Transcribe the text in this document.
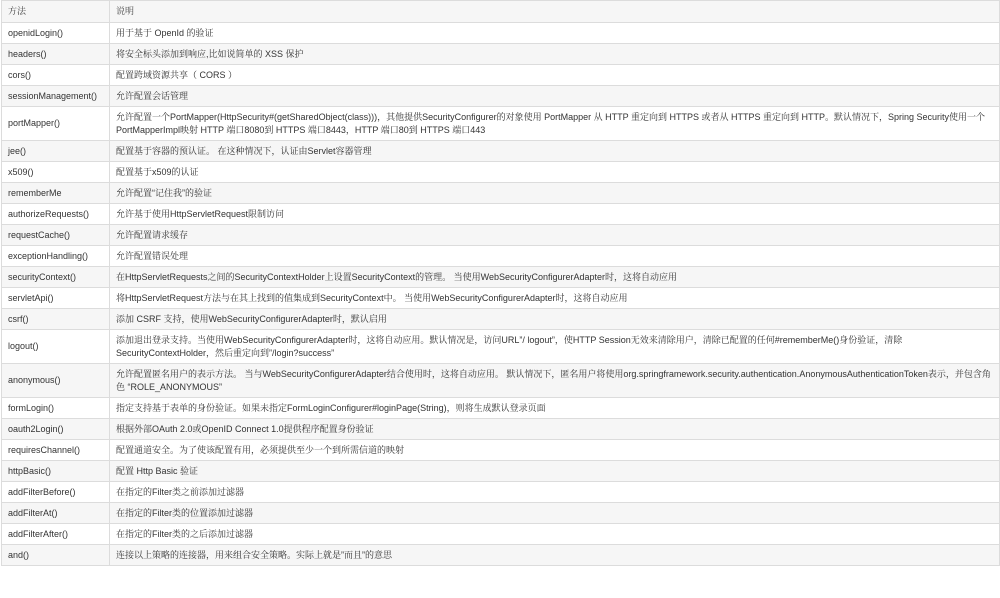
方法	说明
openidLogin()	用于基于 OpenId 的验证
headers()	将安全标头添加到响应,比如说简单的 XSS 保护
cors()	配置跨域资源共享（ CORS ）
sessionManagement()	允许配置会话管理
portMapper()	允许配置一个PortMapper(HttpSecurity#(getSharedObject(class)))，其他提供SecurityConfigurer的对象使用 PortMapper 从 HTTP 重定向到 HTTPS 或者从 HTTPS 重定向到 HTTP。默认情况下，Spring Security使用一个PortMapperImpl映射 HTTP 端口8080到 HTTPS 端口8443，HTTP 端口80到 HTTPS 端口443
jee()	配置基于容器的预认证。 在这种情况下，认证由Servlet容器管理
x509()	配置基于x509的认证
rememberMe	允许配置“记住我”的验证
authorizeRequests()	允许基于使用HttpServletRequest限制访问
requestCache()	允许配置请求缓存
exceptionHandling()	允许配置错误处理
securityContext()	在HttpServletRequests之间的SecurityContextHolder上设置SecurityContext的管理。 当使用WebSecurityConfigurerAdapter时，这将自动应用
servletApi()	将HttpServletRequest方法与在其上找到的值集成到SecurityContext中。 当使用WebSecurityConfigurerAdapter时，这将自动应用
csrf()	添加 CSRF 支持，使用WebSecurityConfigurerAdapter时，默认启用
logout()	添加退出登录支持。当使用WebSecurityConfigurerAdapter时，这将自动应用。默认情况是，访问URL”/ logout”，使HTTP Session无效来清除用户，清除已配置的任何#rememberMe()身份验证，清除SecurityContextHolder，然后重定向到”/login?success”
anonymous()	允许配置匿名用户的表示方法。 当与WebSecurityConfigurerAdapter结合使用时，这将自动应用。 默认情况下，匿名用户将使用org.springframework.security.authentication.AnonymousAuthenticationToken表示，并包含角色 “ROLE_ANONYMOUS”
formLogin()	指定支持基于表单的身份验证。如果未指定FormLoginConfigurer#loginPage(String)，则将生成默认登录页面
oauth2Login()	根据外部OAuth 2.0或OpenID Connect 1.0提供程序配置身份验证
requiresChannel()	配置通道安全。为了使该配置有用，必须提供至少一个到所需信道的映射
httpBasic()	配置 Http Basic 验证
addFilterBefore()	在指定的Filter类之前添加过滤器
addFilterAt()	在指定的Filter类的位置添加过滤器
addFilterAfter()	在指定的Filter类的之后添加过滤器
and()	连接以上策略的连接器，用来组合安全策略。实际上就是”而且”的意思
